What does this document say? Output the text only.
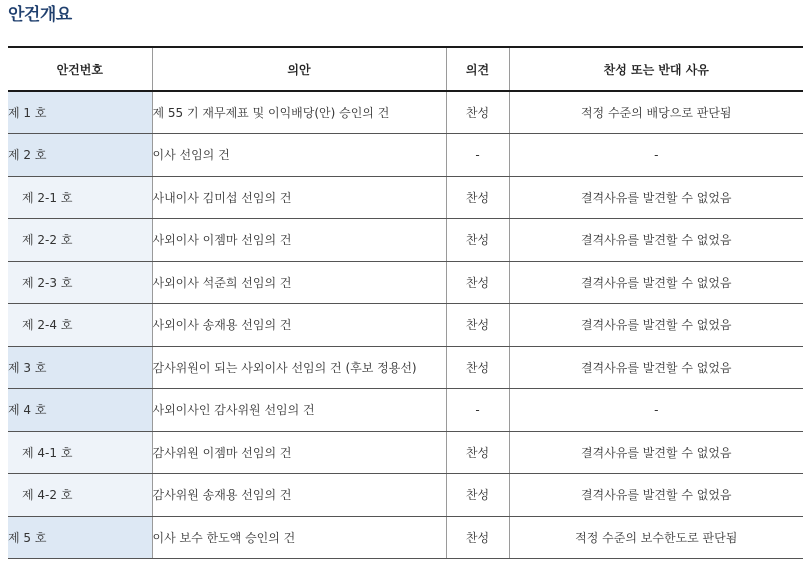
안건개요
안건번호	의안	의견	찬성 또는 반대 사유
제 1 호	제 55 기 재무제표 및 이익배당(안) 승인의 건	찬성	적정 수준의 배당으로 판단됨
제 2 호	이사 선임의 건	-	-
제 2-1 호	사내이사 김미섭 선임의 건	찬성	결격사유를 발견할 수 없었음
제 2-2 호	사외이사 이젬마 선임의 건	찬성	결격사유를 발견할 수 없었음
제 2-3 호	사외이사 석준희 선임의 건	찬성	결격사유를 발견할 수 없었음
제 2-4 호	사외이사 송재용 선임의 건	찬성	결격사유를 발견할 수 없었음
제 3 호	감사위원이 되는 사외이사 선임의 건 (후보 정용선)	찬성	결격사유를 발견할 수 없었음
제 4 호	사외이사인 감사위원 선임의 건	-	-
제 4-1 호	감사위원 이젬마 선임의 건	찬성	결격사유를 발견할 수 없었음
제 4-2 호	감사위원 송재용 선임의 건	찬성	결격사유를 발견할 수 없었음
제 5 호	이사 보수 한도액 승인의 건	찬성	적정 수준의 보수한도로 판단됨
